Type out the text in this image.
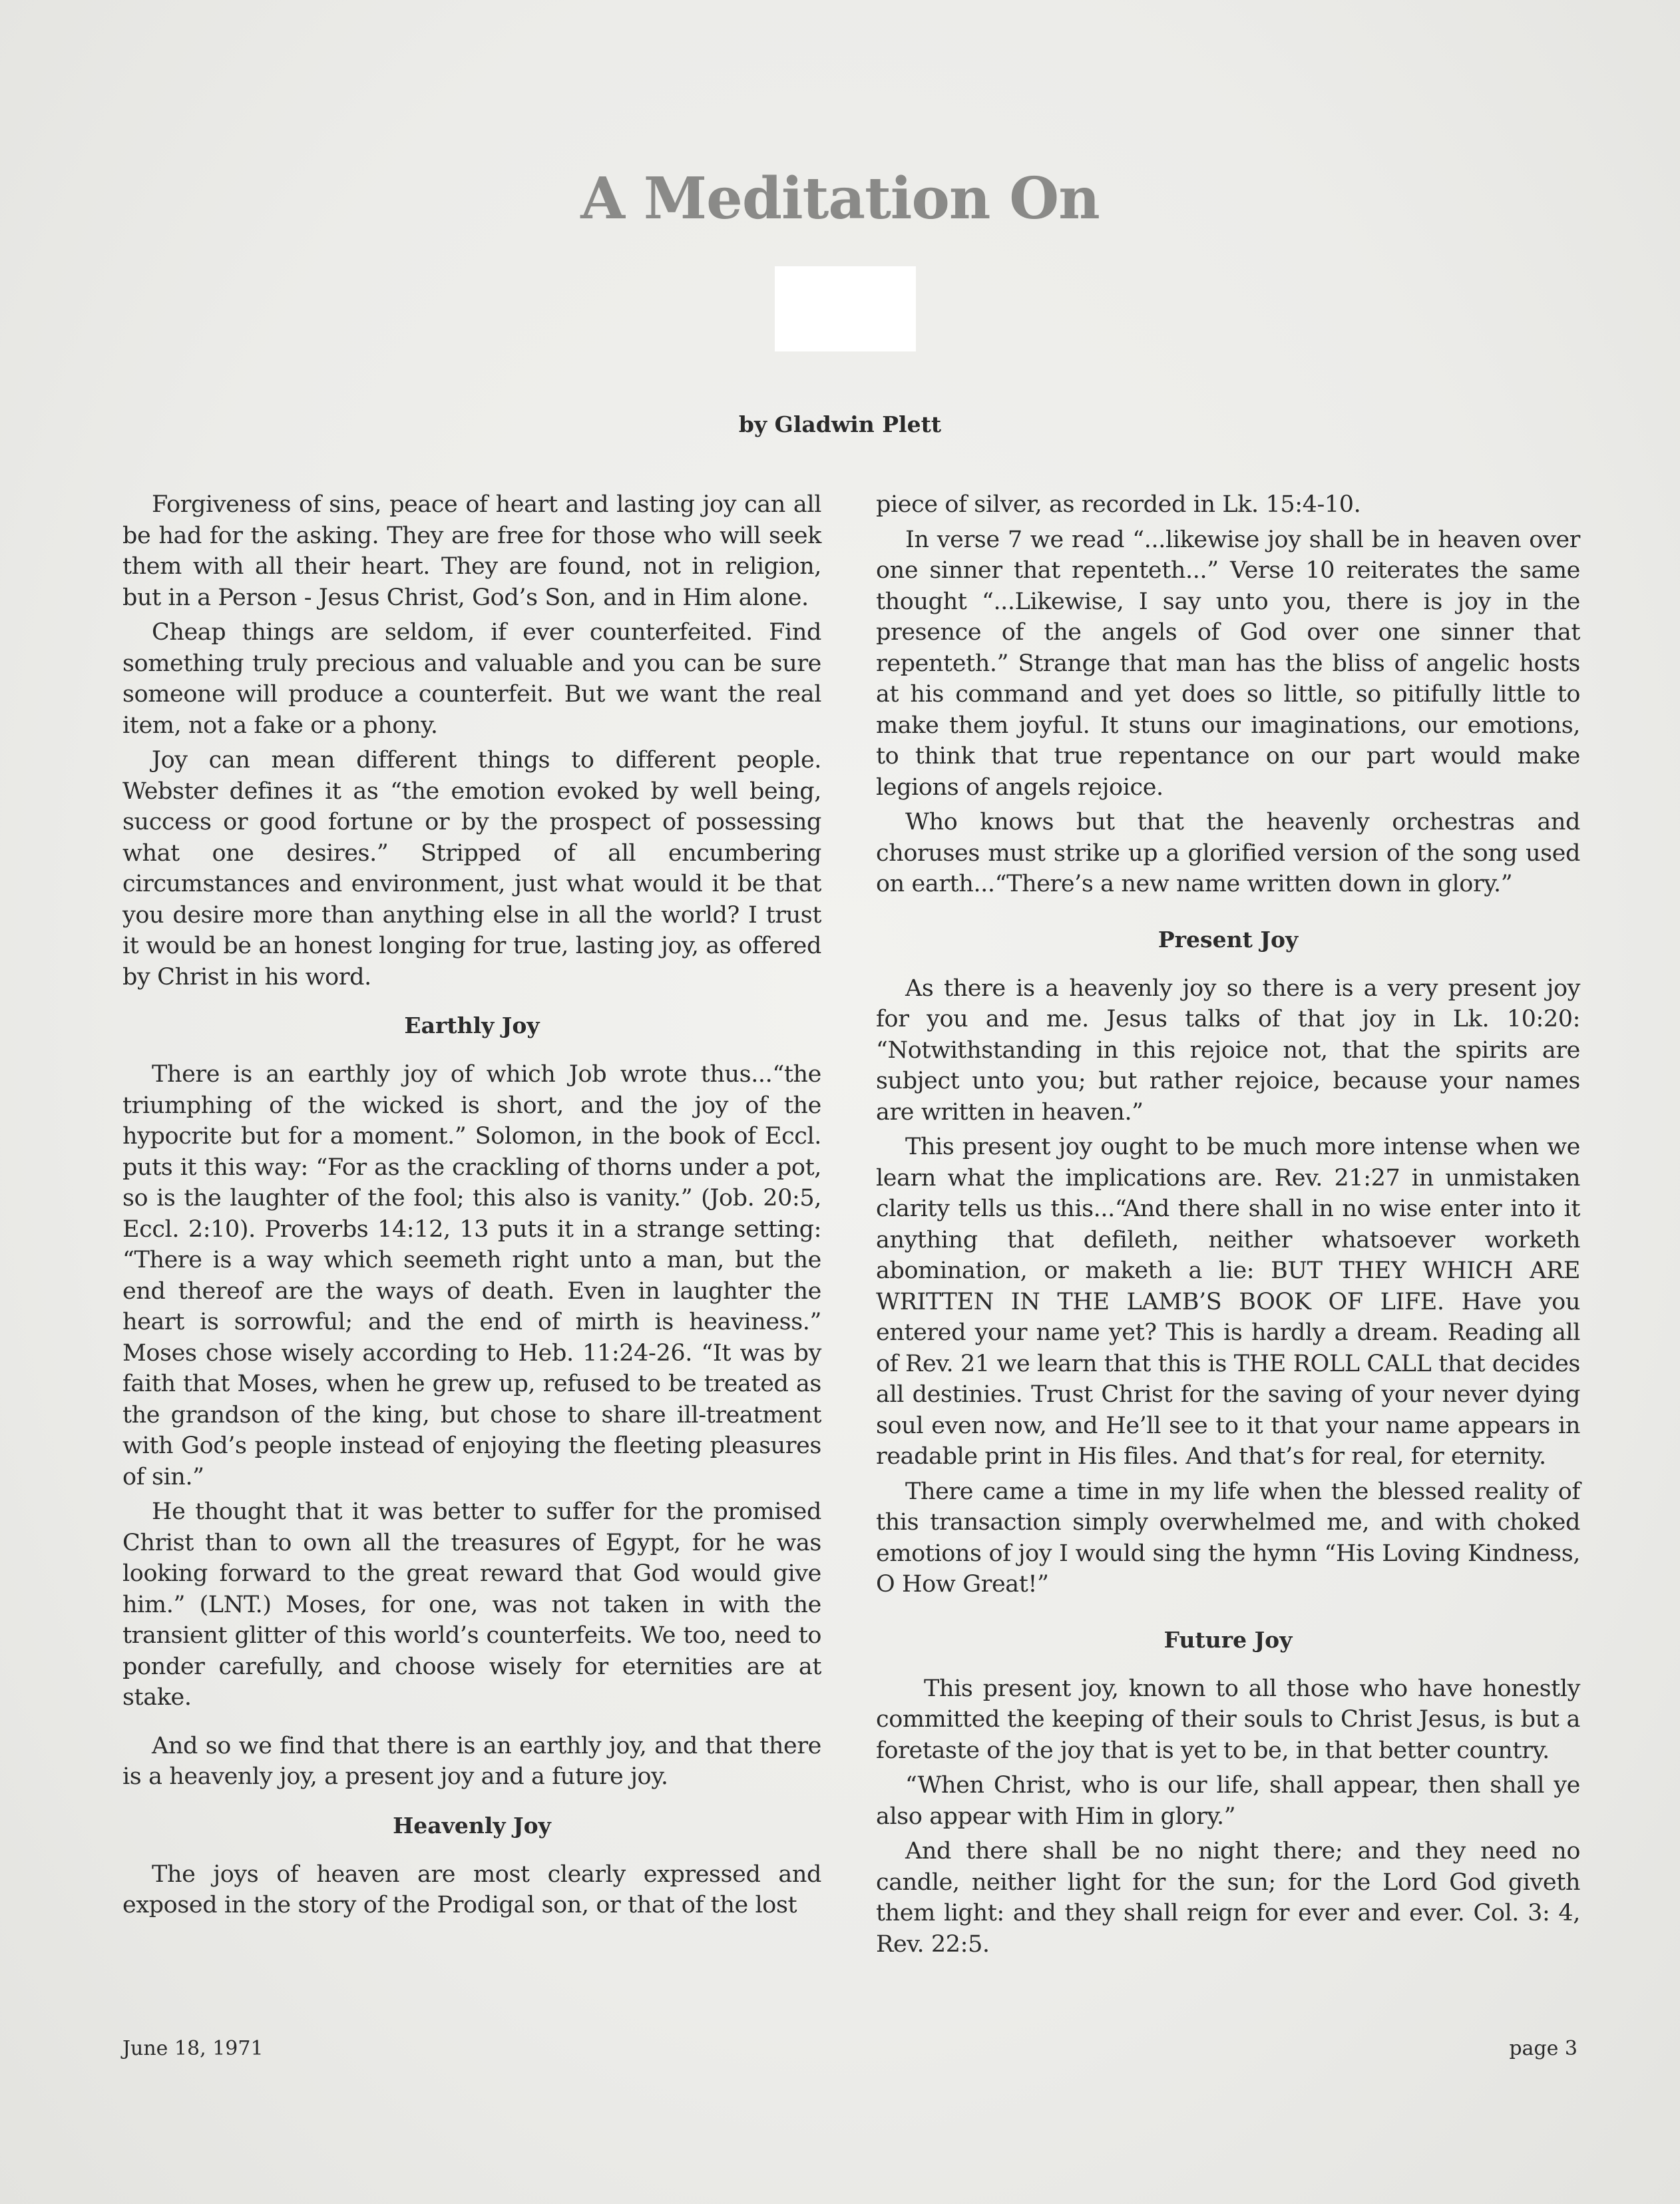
A Meditation On
by Gladwin Plett

Forgiveness of sins, peace of heart and lasting joy can all be had for the asking. They are free for those who will seek them with all their heart. They are found, not in religion, but in a Person - Jesus Christ, God’s Son, and in Him alone.

Cheap things are seldom, if ever counterfeited. Find something truly precious and valuable and you can be sure someone will produce a counterfeit. But we want the real item, not a fake or a phony.

Joy can mean different things to different people. Webster defines it as “the emotion evoked by well being, success or good fortune or by the prospect of possessing what one desires.” Stripped of all encumbering circumstances and environment, just what would it be that you desire more than anything else in all the world? I trust it would be an honest longing for true, lasting joy, as offered by Christ in his word.

Earthly Joy

There is an earthly joy of which Job wrote thus...“the triumphing of the wicked is short, and the joy of the hypocrite but for a moment.” Solomon, in the book of Eccl. puts it this way: “For as the crackling of thorns under a pot, so is the laughter of the fool; this also is vanity.” (Job. 20:5, Eccl. 2:10). Proverbs 14:12, 13 puts it in a strange setting: “There is a way which seemeth right unto a man, but the end thereof are the ways of death. Even in laughter the heart is sorrowful; and the end of mirth is heaviness.” Moses chose wisely according to Heb. 11:24-26. “It was by faith that Moses, when he grew up, refused to be treated as the grandson of the king, but chose to share ill-treatment with God’s people instead of enjoying the fleeting pleasures of sin.”

He thought that it was better to suffer for the promised Christ than to own all the treasures of Egypt, for he was looking forward to the great reward that God would give him.” (LNT.) Moses, for one, was not taken in with the transient glitter of this world’s counterfeits. We too, need to ponder carefully, and choose wisely for eternities are at stake.

And so we find that there is an earthly joy, and that there is a heavenly joy, a present joy and a future joy.

Heavenly Joy

The joys of heaven are most clearly expressed and exposed in the story of the Prodigal son, or that of the lost

piece of silver, as recorded in Lk. 15:4-10.

In verse 7 we read “...likewise joy shall be in heaven over one sinner that repenteth...” Verse 10 reiterates the same thought “...Likewise, I say unto you, there is joy in the presence of the angels of God over one sinner that repenteth.” Strange that man has the bliss of angelic hosts at his command and yet does so little, so pitifully little to make them joyful. It stuns our imaginations, our emotions, to think that true repentance on our part would make legions of angels rejoice.

Who knows but that the heavenly orchestras and choruses must strike up a glorified version of the song used on earth...“There’s a new name written down in glory.”

Present Joy

As there is a heavenly joy so there is a very present joy for you and me. Jesus talks of that joy in Lk. 10:20: “Notwithstanding in this rejoice not, that the spirits are subject unto you; but rather rejoice, because your names are written in heaven.”

This present joy ought to be much more intense when we learn what the implications are. Rev. 21:27 in unmistaken clarity tells us this...“And there shall in no wise enter into it anything that defileth, neither whatsoever worketh abomination, or maketh a lie: BUT THEY WHICH ARE WRITTEN IN THE LAMB’S BOOK OF LIFE. Have you entered your name yet? This is hardly a dream. Reading all of Rev. 21 we learn that this is THE ROLL CALL that decides all destinies. Trust Christ for the saving of your never dying soul even now, and He’ll see to it that your name appears in readable print in His files. And that’s for real, for eternity.

There came a time in my life when the blessed reality of this transaction simply overwhelmed me, and with choked emotions of joy I would sing the hymn “His Loving Kindness, O How Great!”

Future Joy

This present joy, known to all those who have honestly committed the keeping of their souls to Christ Jesus, is but a foretaste of the joy that is yet to be, in that better country.

“When Christ, who is our life, shall appear, then shall ye also appear with Him in glory.”

And there shall be no night there; and they need no candle, neither light for the sun; for the Lord God giveth them light: and they shall reign for ever and ever. Col. 3: 4, Rev. 22:5.

June 18, 1971	page 3
